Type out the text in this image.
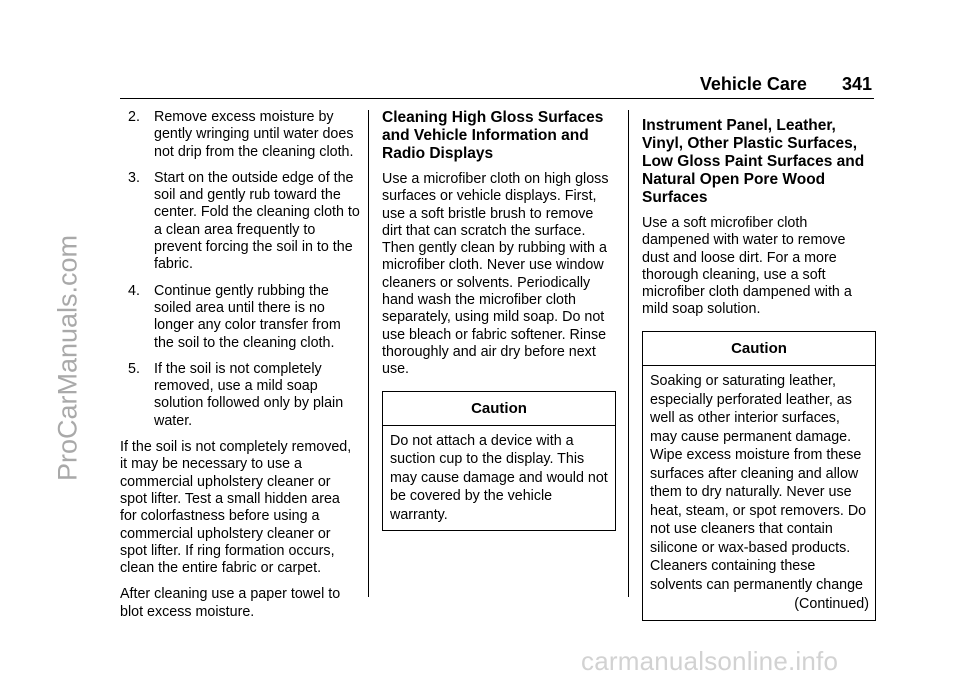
ProCarManuals.com
carmanualsonline.info
Vehicle Care 341
2. Remove excess moisture by gently wringing until water does not drip from the cleaning cloth.
3. Start on the outside edge of the soil and gently rub toward the center. Fold the cleaning cloth to a clean area frequently to prevent forcing the soil in to the fabric.
4. Continue gently rubbing the soiled area until there is no longer any color transfer from the soil to the cleaning cloth.
5. If the soil is not completely removed, use a mild soap solution followed only by plain water.

If the soil is not completely removed, it may be necessary to use a commercial upholstery cleaner or spot lifter. Test a small hidden area for colorfastness before using a commercial upholstery cleaner or spot lifter. If ring formation occurs, clean the entire fabric or carpet.

After cleaning use a paper towel to blot excess moisture.

Cleaning High Gloss Surfaces and Vehicle Information and Radio Displays

Use a microfiber cloth on high gloss surfaces or vehicle displays. First, use a soft bristle brush to remove dirt that can scratch the surface. Then gently clean by rubbing with a microfiber cloth. Never use window cleaners or solvents. Periodically hand wash the microfiber cloth separately, using mild soap. Do not use bleach or fabric softener. Rinse thoroughly and air dry before next use.

Caution
Do not attach a device with a suction cup to the display. This may cause damage and would not be covered by the vehicle warranty.
Instrument Panel, Leather, Vinyl, Other Plastic Surfaces, Low Gloss Paint Surfaces and Natural Open Pore Wood Surfaces

Use a soft microfiber cloth dampened with water to remove dust and loose dirt. For a more thorough cleaning, use a soft microfiber cloth dampened with a mild soap solution.

Caution
Soaking or saturating leather, especially perforated leather, as well as other interior surfaces, may cause permanent damage. Wipe excess moisture from these surfaces after cleaning and allow them to dry naturally. Never use heat, steam, or spot removers. Do not use cleaners that contain silicone or wax-based products. Cleaners containing these solvents can permanently change
(Continued)
